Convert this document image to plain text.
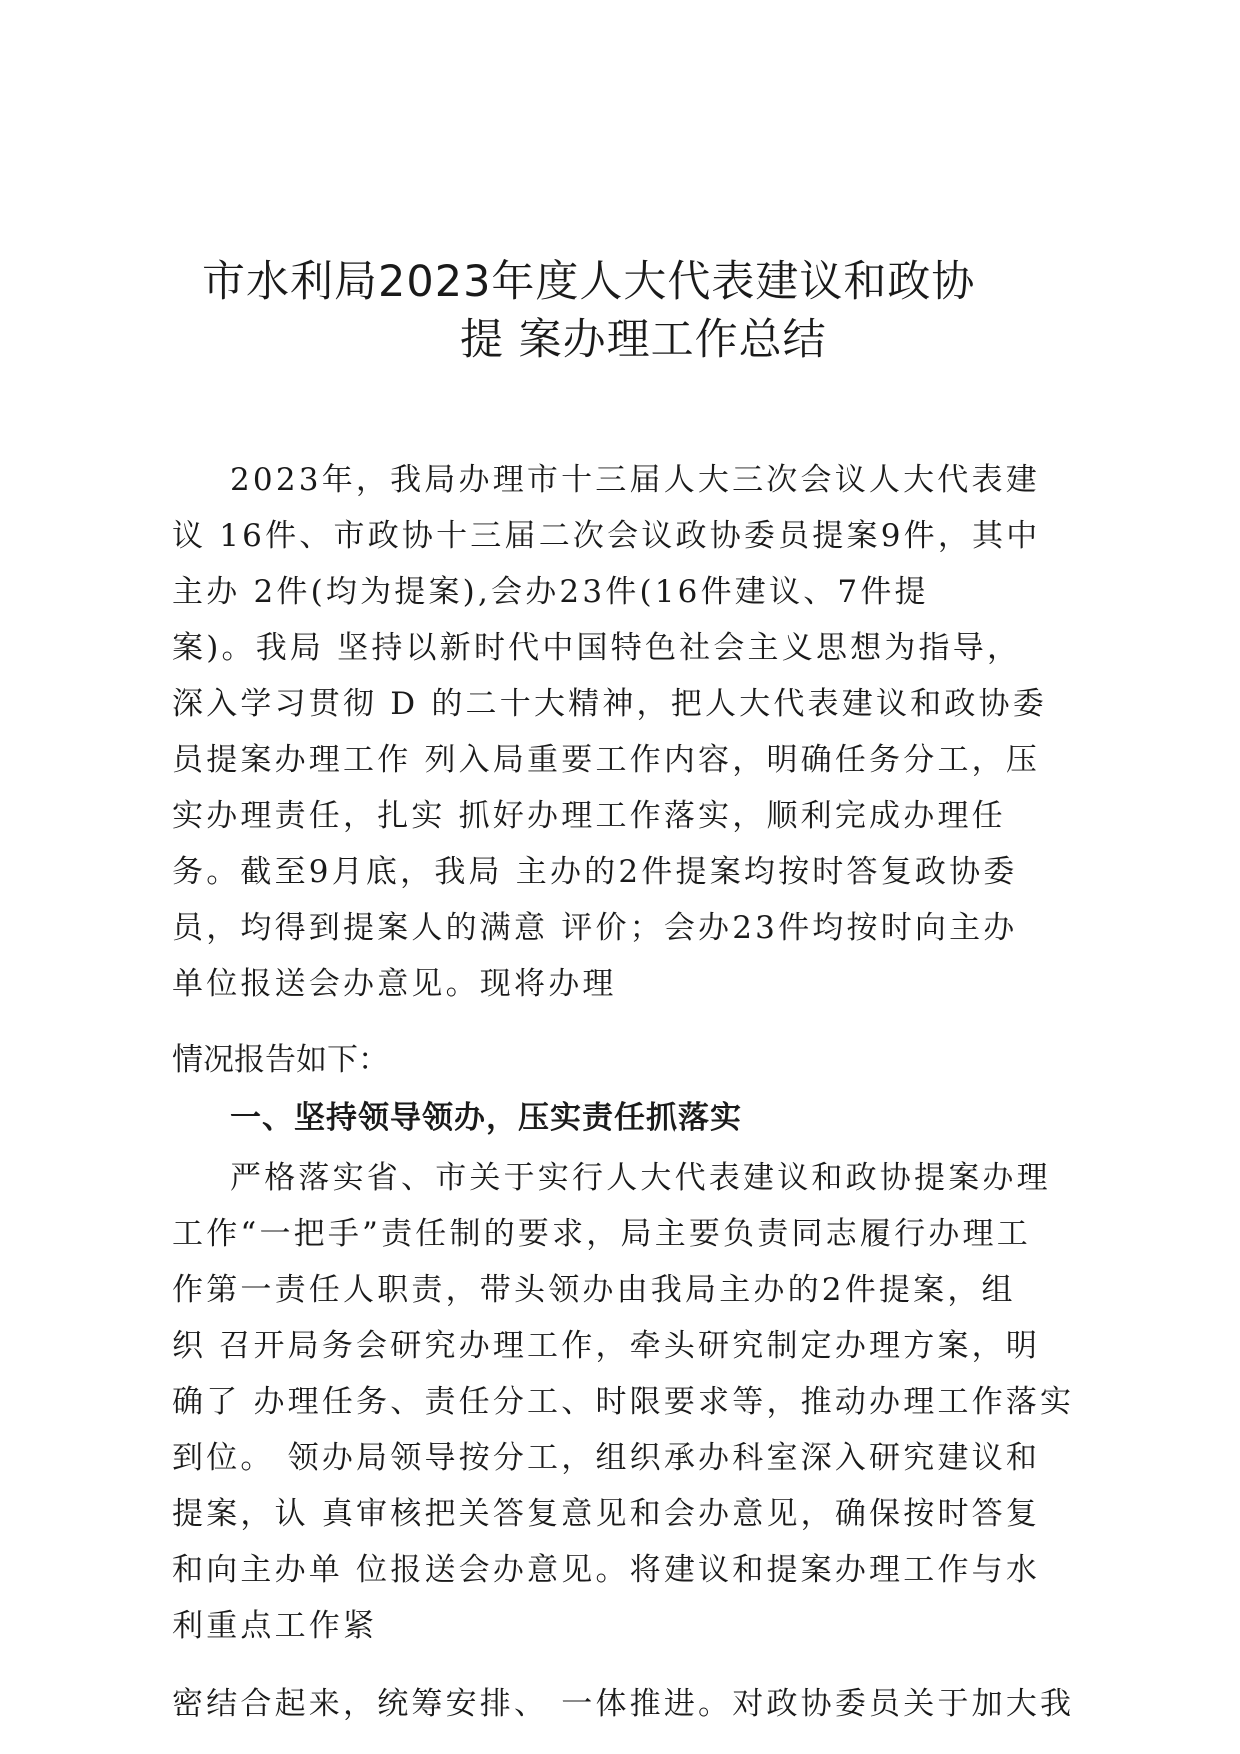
市水利局2023年度人大代表建议和政协
提 案办理工作总结
2023年，我局办理市十三届人大三次会议人大代表建
议 16件、市政协十三届二次会议政协委员提案9件，其中
主办 2件(均为提案),会办23件(16件建议、7件提
案)。我局 坚持以新时代中国特色社会主义思想为指导，
深入学习贯彻 D 的二十大精神，把人大代表建议和政协委
员提案办理工作 列入局重要工作内容，明确任务分工，压
实办理责任，扎实 抓好办理工作落实，顺利完成办理任
务。截至9月底，我局 主办的2件提案均按时答复政协委
员，均得到提案人的满意 评价；会办23件均按时向主办
单位报送会办意见。现将办理
情况报告如下：
一、坚持领导领办，压实责任抓落实
严格落实省、市关于实行人大代表建议和政协提案办理
工作“一把手”责任制的要求，局主要负责同志履行办理工
作第一责任人职责，带头领办由我局主办的2件提案，组
织 召开局务会研究办理工作，牵头研究制定办理方案，明
确了 办理任务、责任分工、时限要求等，推动办理工作落实
到位。 领办局领导按分工，组织承办科室深入研究建议和
提案，认 真审核把关答复意见和会办意见，确保按时答复
和向主办单 位报送会办意见。将建议和提案办理工作与水
利重点工作紧
密结合起来，统筹安排、 一体推进。对政协委员关于加大我
